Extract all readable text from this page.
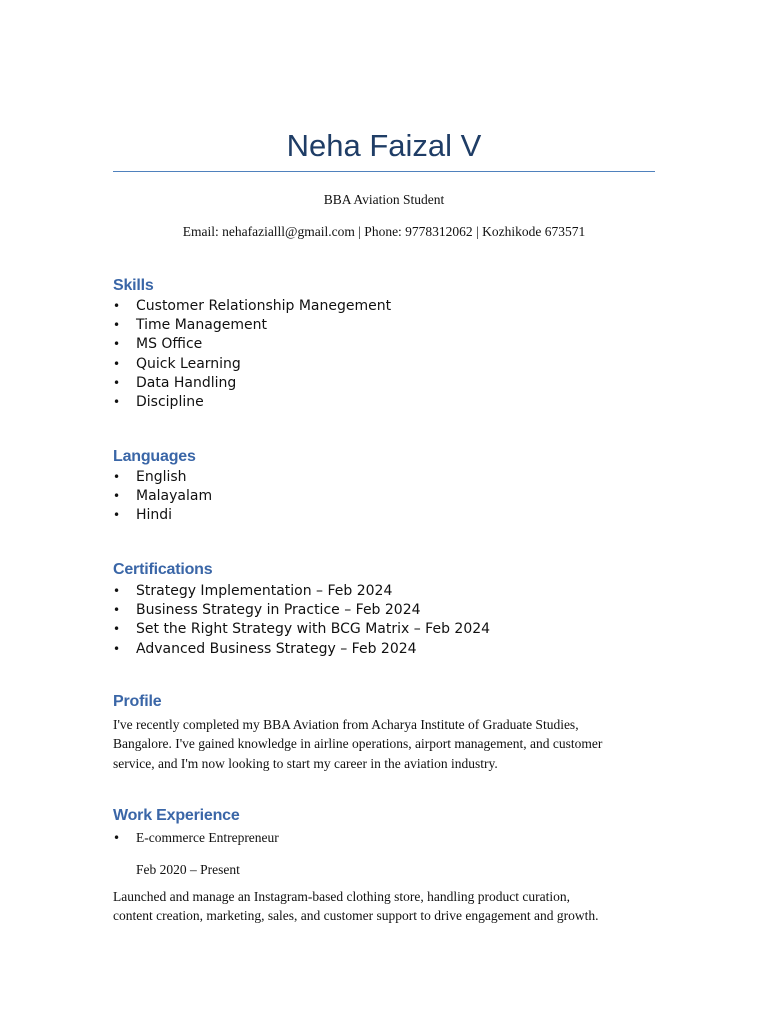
Neha Faizal V
BBA Aviation Student
Email: nehafazialll@gmail.com | Phone: 9778312062 | Kozhikode 673571
Skills
• Customer Relationship Manegement
• Time Management
• MS Office
• Quick Learning
• Data Handling
• Discipline
Languages
• English
• Malayalam
• Hindi
Certifications
• Strategy Implementation – Feb 2024
• Business Strategy in Practice – Feb 2024
• Set the Right Strategy with BCG Matrix – Feb 2024
• Advanced Business Strategy – Feb 2024
Profile
I've recently completed my BBA Aviation from Acharya Institute of Graduate Studies,
Bangalore. I've gained knowledge in airline operations, airport management, and customer
service, and I'm now looking to start my career in the aviation industry.
Work Experience
• E-commerce Entrepreneur
Feb 2020 – Present
Launched and manage an Instagram-based clothing store, handling product curation,
content creation, marketing, sales, and customer support to drive engagement and growth.
